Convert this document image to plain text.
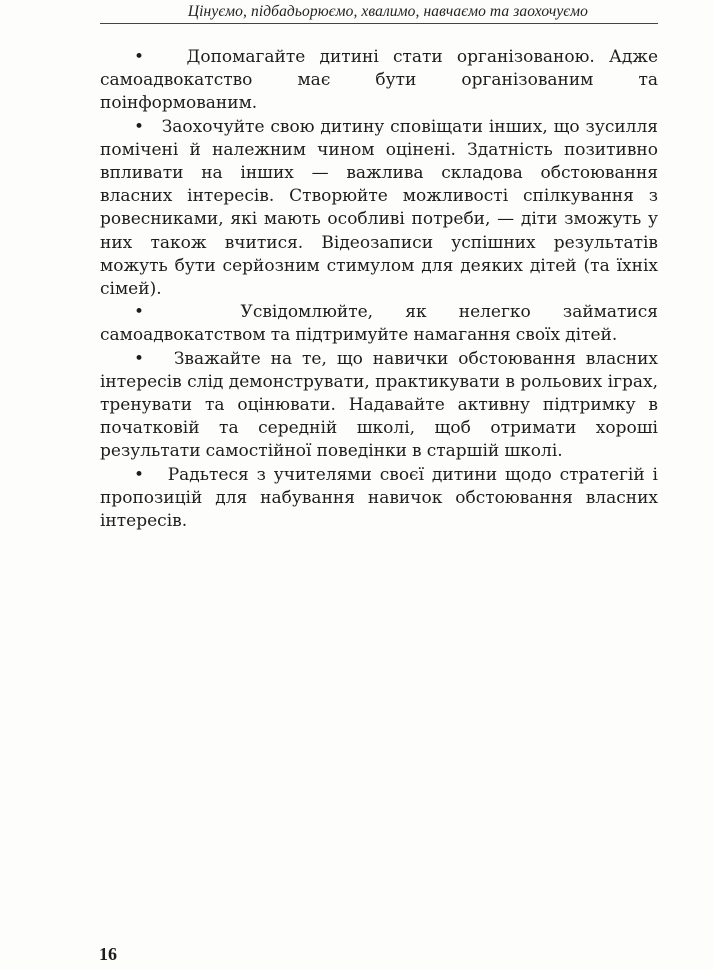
Цінуємо, підбадьорюємо, хвалимо, навчаємо та заохочуємо

• Допомагайте дитині стати організованою. Адже самоадвокатство має бути організованим та поінформованим.

• Заохочуйте свою дитину сповіщати інших, що зусилля помічені й належним чином оцінені. Здатність позитивно впливати на інших — важлива складова обстоювання власних інтересів. Створюйте можливості спілкування з ровесниками, які мають особливі потреби, — діти зможуть у них також вчитися. Відеозаписи успішних результатів можуть бути серйозним стимулом для деяких дітей (та їхніх сімей).

•	Усвідомлюйте, як нелегко займатися самоадвокатством та підтримуйте намагання своїх дітей.

• Зважайте на те, що навички обстоювання власних інтересів слід демонструвати, практикувати в рольових іграх, тренувати та оцінювати. Надавайте активну підтримку в початковій та середній школі, щоб отримати хороші результати самостійної поведінки в старшій школі.

• Радьтеся з учителями своєї дитини щодо стратегій і пропозицій для набування навичок обстоювання власних інтересів.

16
